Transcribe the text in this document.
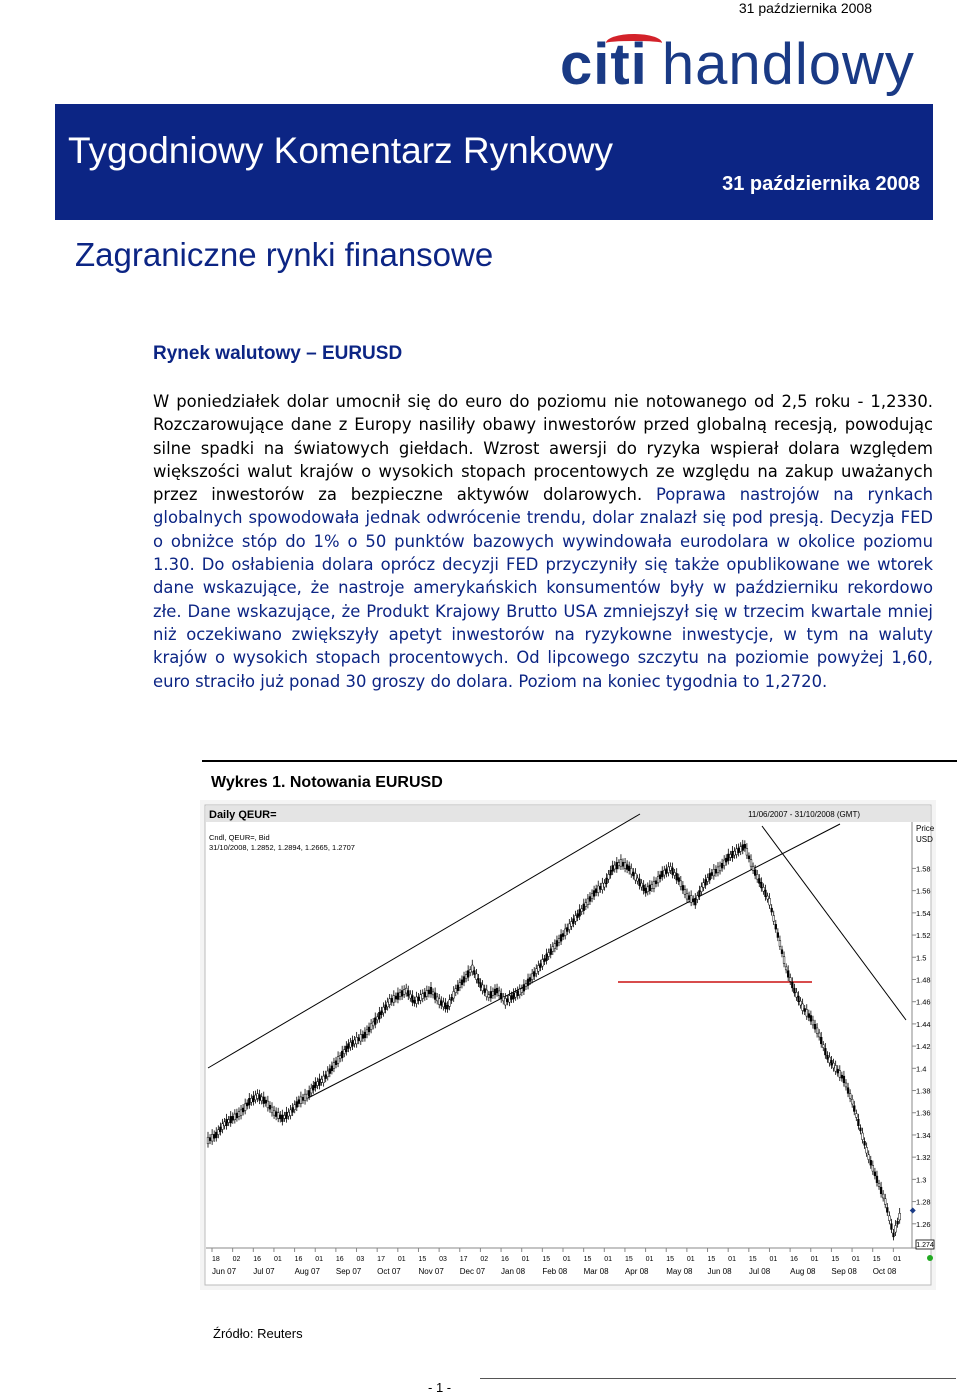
31 października 2008
citi handlowy
Tygodniowy Komentarz Rynkowy
31 października 2008
Zagraniczne rynki finansowe
Rynek walutowy – EURUSD
W poniedziałek dolar umocnił się do euro do poziomu nie notowanego od 2,5 roku - 1,2330. Rozczarowujące dane z Europy nasiliły obawy inwestorów przed globalną recesją, powodując silne spadki na światowych giełdach. Wzrost awersji do ryzyka wspierał dolara względem większości walut krajów o wysokich stopach procentowych ze względu na zakup uważanych przez inwestorów za bezpieczne aktywów dolarowych. Poprawa nastrojów na rynkach globalnych spowodowała jednak odwrócenie trendu, dolar znalazł się pod presją. Decyzja FED o obniżce stóp do 1% o 50 punktów bazowych wywindowała eurodolara w okolice poziomu 1.30. Do osłabienia dolara oprócz decyzji FED przyczyniły się także opublikowane we wtorek dane wskazujące, że nastroje amerykańskich konsumentów były w październiku rekordowo złe. Dane wskazujące, że Produkt Krajowy Brutto USA zmniejszył się w trzecim kwartale mniej niż oczekiwano zwiększyły apetyt inwestorów na ryzykowne inwestycje, w tym na waluty krajów o wysokich stopach procentowych. Od lipcowego szczytu na poziomie powyżej 1,60, euro straciło już ponad 30 groszy do dolara. Poziom na koniec tygodnia to 1,2720.
Wykres 1. Notowania EURUSD
Daily QEUR=	11/06/2007 - 31/10/2008 (GMT)
Cndl, QEUR=, Bid
31/10/2008, 1.2852, 1.2894, 1.2665, 1.2707
Price
USD
1.58
1.56
1.54
1.52
1.5
1.48
1.46
1.44
1.42
1.4
1.38
1.36
1.34
1.32
1.3
1.28
1.26
18 02 16 01 16 01 16 03 17 01 15 03 17 02 16 01 15 01 15 01 15 01 15 01 15 01 15 01 16 01 15 01 15 01
Jun 07 Jul 07 Aug 07 Sep 07 Oct 07 Nov 07 Dec 07 Jan 08 Feb 08 Mar 08 Apr 08 May 08 Jun 08 Jul 08 Aug 08 Sep 08 Oct 08
1.274
Źródło: Reuters
- 1 -
